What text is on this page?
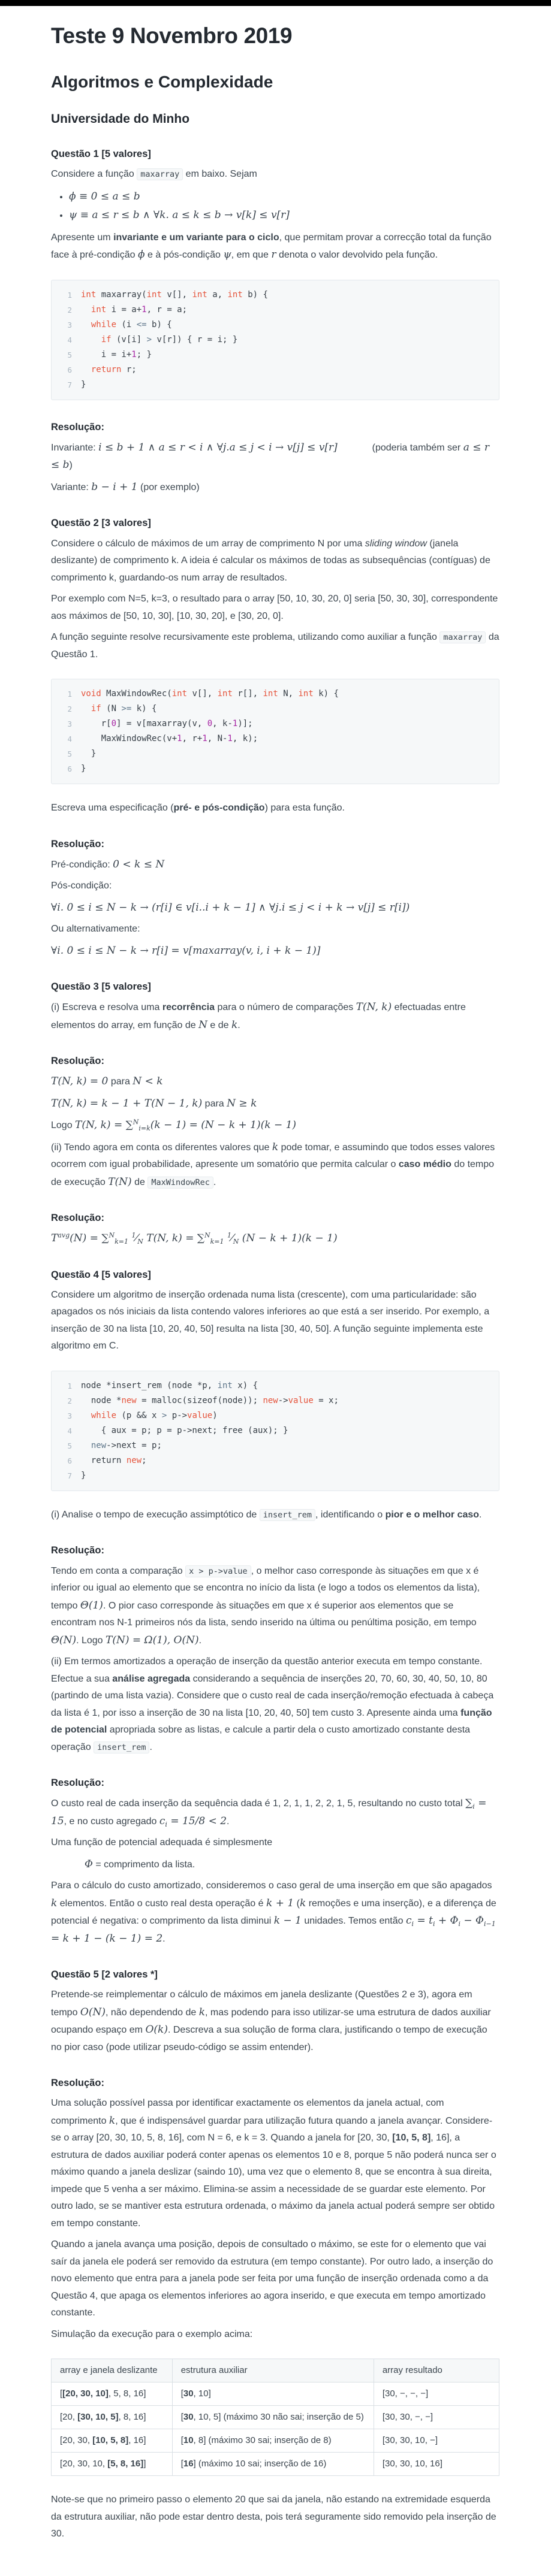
Teste 9 Novembro 2019
Algoritmos e Complexidade
Universidade do Minho
Questão 1 [5 valores]

Considere a função maxarray em baixo. Sejam

• ϕ ≡ 0 ≤ a ≤ b
• ψ ≡ a ≤ r ≤ b ∧ ∀k. a ≤ k ≤ b → v[k] ≤ v[r]

Apresente um invariante e um variante para o ciclo, que permitam provar a correcção total da função face à pré-condição ϕ e à pós-condição ψ, em que r denota o valor devolvido pela função.

1	int maxarray(int v[], int a, int b) {
2	int i = a+1, r = a;
3	while (i <= b) {
4	if (v[i] > v[r]) { r = i; }
5	i = i+1; }
6	return r;
7	}
Resolução:

Invariante: i ≤ b + 1 ∧ a ≤ r < i ∧ ∀j.a ≤ j < i → v[j] ≤ v[r]             (poderia também ser a ≤ r ≤ b)

Variante: b − i + 1 (por exemplo)

Questão 2 [3 valores]

Considere o cálculo de máximos de um array de comprimento N por uma sliding window (janela deslizante) de comprimento k. A ideia é calcular os máximos de todas as subsequências (contíguas) de comprimento k, guardando-os num array de resultados.

Por exemplo com N=5, k=3, o resultado para o array [50, 10, 30, 20, 0] seria [50, 30, 30], correspondente aos máximos de [50, 10, 30], [10, 30, 20], e [30, 20, 0].

A função seguinte resolve recursivamente este problema, utilizando como auxiliar a função maxarray da Questão 1.

1	void MaxWindowRec(int v[], int r[], int N, int k) {
2	if (N >= k) {
3	r[0] = v[maxarray(v, 0, k-1)];
4	MaxWindowRec(v+1, r+1, N-1, k);
5	}
6	}

Escreva uma especificação (pré- e pós-condição) para esta função.

Resolução:

Pré-condição: 0 < k ≤ N

Pós-condição:

∀i. 0 ≤ i ≤ N − k → (r[i] ∈ v[i..i + k − 1] ∧ ∀j.i ≤ j < i + k → v[j] ≤ r[i])

Ou alternativamente:

∀i. 0 ≤ i ≤ N − k → r[i] = v[maxarray(v, i, i + k − 1)]

Questão 3 [5 valores]

(i) Escreva e resolva uma recorrência para o número de comparações T(N, k) efectuadas entre elementos do array, em função de N e de k.

Resolução:

T(N, k) = 0 para N < k

T(N, k) = k − 1 + T(N − 1, k) para N ≥ k

Logo T(N, k) = ∑$^N_{i=k}$(k − 1) = (N − k + 1)(k − 1)

(ii) Tendo agora em conta os diferentes valores que k pode tomar, e assumindo que todos esses valores ocorrem com igual probabilidade, apresente um somatório que permita calcular o caso médio do tempo de execução T(N) de MaxWindowRec .

Resolução:

$T^{avg}(N) = \sum^N_{k=1}$ $^1⁄_N$ T(N, k) = ∑$^N_{k=1}$ $^1⁄_N$ (N − k + 1)(k − 1)

Questão 4 [5 valores]

Considere um algoritmo de inserção ordenada numa lista (crescente), com uma particularidade: são apagados os nós iniciais da lista contendo valores inferiores ao que está a ser inserido. Por exemplo, a inserção de 30 na lista [10, 20, 40, 50] resulta na lista [30, 40, 50]. A função seguinte implementa este algoritmo em C.

1	node *insert_rem (node *p, int x) {
2	node *new = malloc(sizeof(node)); new->value = x;
3	while (p && x > p->value)
4	{ aux = p; p = p->next; free (aux); }
5	new->next = p;
6	return new;
7	}

(i) Analise o tempo de execução assimptótico de insert_rem , identificando o pior e o melhor caso.

Resolução:

Tendo em conta a comparação x > p->value , o melhor caso corresponde às situações em que x é inferior ou igual ao elemento que se encontra no início da lista (e logo a todos os elementos da lista), tempo Θ(1). O pior caso corresponde às situações em que x é superior aos elementos que se encontram nos N-1 primeiros nós da lista, sendo inserido na última ou penúltima posição, em tempo Θ(N). Logo T(N) = Ω(1), O(N).

(ii) Em termos amortizados a operação de inserção da questão anterior executa em tempo constante. Efectue a sua análise agregada considerando a sequência de inserções 20, 70, 60, 30, 40, 50, 10, 80 (partindo de uma lista vazia). Considere que o custo real de cada inserção/remoção efectuada à cabeça da lista é 1, por isso a inserção de 30 na lista [10, 20, 40, 50] tem custo 3. Apresente ainda uma função de potencial apropriada sobre as listas, e calcule a partir dela o custo amortizado constante desta operação insert_rem .

Resolução:

O custo real de cada inserção da sequência dada é 1, 2, 1, 1, 2, 2, 1, 5, resultando no custo total $\sum_i = 15$, e no custo agregado $c_i = 15/8 < 2$.

Uma função de potencial adequada é simplesmente

Φ = comprimento da lista.

Para o cálculo do custo amortizado, consideremos o caso geral de uma inserção em que são apagados k elementos. Então o custo real desta operação é k + 1 (k remoções e uma inserção), e a diferença de potencial é negativa: o comprimento da lista diminui k − 1 unidades. Temos então $c_i = t_i + \Phi_i - \Phi_{i-1} = k + 1 - (k - 1) = 2$.

Questão 5 [2 valores *]

Pretende-se reimplementar o cálculo de máximos em janela deslizante (Questões 2 e 3), agora em tempo O(N), não dependendo de k, mas podendo para isso utilizar-se uma estrutura de dados auxiliar ocupando espaço em O(k). Descreva a sua solução de forma clara, justificando o tempo de execução no pior caso (pode utilizar pseudo-código se assim entender).

Resolução:

Uma solução possível passa por identificar exactamente os elementos da janela actual, com comprimento k, que é indispensável guardar para utilização futura quando a janela avançar. Considere-se o array [20, 30, 10, 5, 8, 16], com N = 6, e k = 3. Quando a janela for [20, 30, [10, 5, 8], 16], a estrutura de dados auxiliar poderá conter apenas os elementos 10 e 8, porque 5 não poderá nunca ser o máximo quando a janela deslizar (saindo 10), uma vez que o elemento 8, que se encontra à sua direita, impede que 5 venha a ser máximo. Elimina-se assim a necessidade de se guardar este elemento. Por outro lado, se se mantiver esta estrutura ordenada, o máximo da janela actual poderá sempre ser obtido em tempo constante.

Quando a janela avança uma posição, depois de consultado o máximo, se este for o elemento que vai saír da janela ele poderá ser removido da estrutura (em tempo constante). Por outro lado, a inserção do novo elemento que entra para a janela pode ser feita por uma função de inserção ordenada como a da Questão 4, que apaga os elementos inferiores ao agora inserido, e que executa em tempo amortizado constante.

Simulação da execução para o exemplo acima:

array e janela deslizante	estrutura auxiliar	array resultado
[[20, 30, 10], 5, 8, 16]	[30, 10]	[30, −, −, −]
[20, [30, 10, 5], 8, 16]	[30, 10, 5] (máximo 30 não sai; inserção de 5)	[30, 30, −, −]
[20, 30, [10, 5, 8], 16]	[10, 8] (máximo 30 sai; inserção de 8)	[30, 30, 10, −]
[20, 30, 10, [5, 8, 16]]	[16] (máximo 10 sai; inserção de 16)	[30, 30, 10, 16]

Note-se que no primeiro passo o elemento 20 que sai da janela, não estando na extremidade esquerda da estrutura auxiliar, não pode estar dentro desta, pois terá seguramente sido removido pela inserção de 30.
